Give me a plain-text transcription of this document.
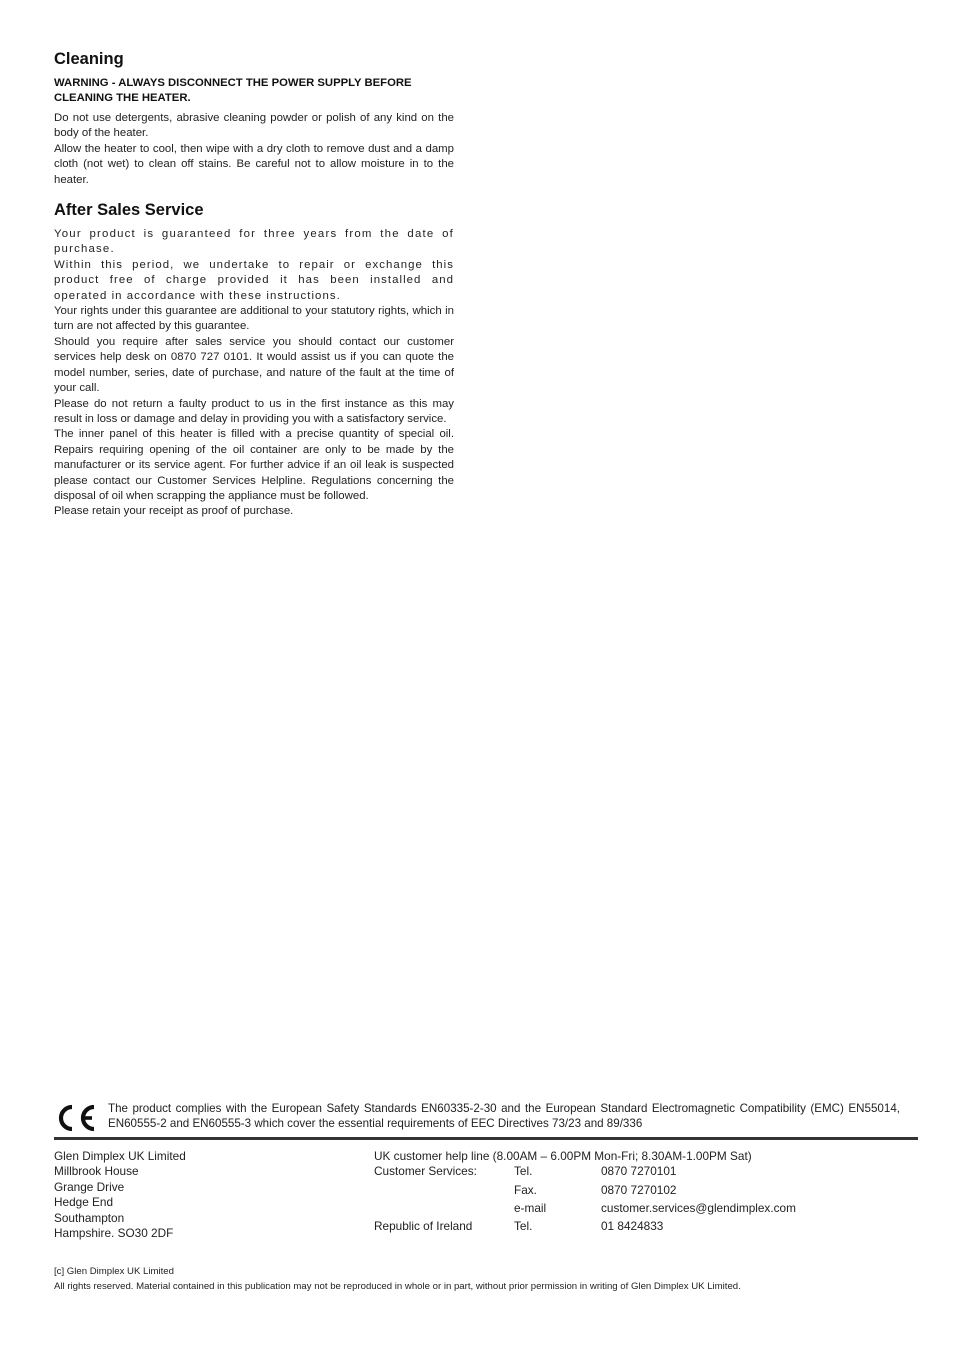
Cleaning
WARNING - ALWAYS DISCONNECT THE POWER SUPPLY BEFORE
CLEANING THE HEATER.

Do not use detergents, abrasive cleaning powder or polish of any kind on the body of the heater.

Allow the heater to cool, then wipe with a dry cloth to remove dust and a damp cloth (not wet) to clean off stains. Be careful not to allow moisture in to the heater.

After Sales Service

Your product is guaranteed for three years from the date of purchase.

Within this period, we undertake to repair or exchange this product free of charge provided it has been installed and operated in accordance with these instructions.

Your rights under this guarantee are additional to your statutory rights, which in turn are not affected by this guarantee.

Should you require after sales service you should contact our customer services help desk on 0870 727 0101. It would assist us if you can quote the model number, series, date of purchase, and nature of the fault at the time of your call.

Please do not return a faulty product to us in the first instance as this may result in loss or damage and delay in providing you with a satisfactory service.

The inner panel of this heater is filled with a precise quantity of special oil. Repairs requiring opening of the oil container are only to be made by the manufacturer or its service agent. For further advice if an oil leak is suspected please contact our Customer Services Helpline. Regulations concerning the disposal of oil when scrapping the appliance must be followed.

Please retain your receipt as proof of purchase.

The product complies with the European Safety Standards EN60335-2-30 and the European Standard Electromagnetic Compatibility (EMC) EN55014, EN60555-2 and EN60555-3 which cover the essential requirements of EEC Directives 73/23 and 89/336
Glen Dimplex UK Limited
Millbrook House
Grange Drive
Hedge End
Southampton
Hampshire. SO30 2DF
UK customer help line (8.00AM – 6.00PM Mon-Fri; 8.30AM-1.00PM Sat)
Customer Services:	Tel.	0870 7270101
	Fax.	0870 7270102
	e-mail	customer.services@glendimplex.com
Republic of Ireland	Tel.	01 8424833
[c] Glen Dimplex UK Limited
All rights reserved. Material contained in this publication may not be reproduced in whole or in part, without prior permission in writing of Glen Dimplex UK Limited.
